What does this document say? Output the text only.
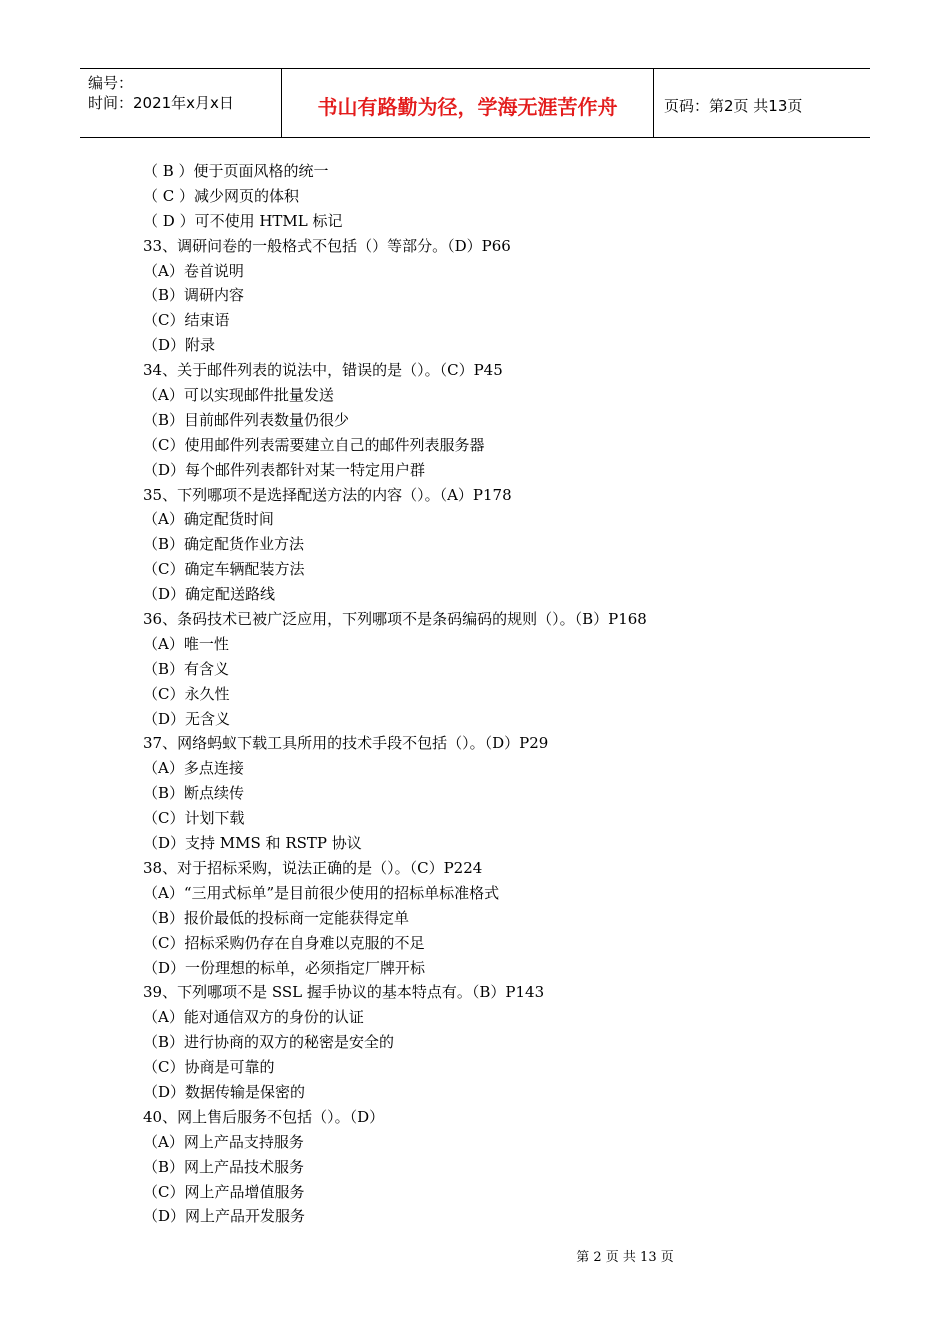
编号：
时间：2021年x月x日	书山有路勤为径，学海无涯苦作舟	页码：第2页 共13页
（ B ）便于页面风格的统一
（ C ）减少网页的体积
（ D ）可不使用 HTML 标记
33、调研问卷的一般格式不包括（）等部分。（D）P66
（A）卷首说明
（B）调研内容
（C）结束语
（D）附录
34、关于邮件列表的说法中，错误的是（）。（C）P45
（A）可以实现邮件批量发送
（B）目前邮件列表数量仍很少
（C）使用邮件列表需要建立自己的邮件列表服务器
（D）每个邮件列表都针对某一特定用户群
35、下列哪项不是选择配送方法的内容（）。（A）P178
（A）确定配货时间
（B）确定配货作业方法
（C）确定车辆配装方法
（D）确定配送路线
36、条码技术已被广泛应用，下列哪项不是条码编码的规则（）。（B）P168
（A）唯一性
（B）有含义
（C）永久性
（D）无含义
37、网络蚂蚁下载工具所用的技术手段不包括（）。（D）P29
（A）多点连接
（B）断点续传
（C）计划下载
（D）支持 MMS 和 RSTP 协议
38、对于招标采购，说法正确的是（）。（C）P224
（A）“三用式标单”是目前很少使用的招标单标准格式
（B）报价最低的投标商一定能获得定单
（C）招标采购仍存在自身难以克服的不足
（D）一份理想的标单，必须指定厂牌开标
39、下列哪项不是 SSL 握手协议的基本特点有。（B）P143
（A）能对通信双方的身份的认证
（B）进行协商的双方的秘密是安全的
（C）协商是可靠的
（D）数据传输是保密的
40、网上售后服务不包括（）。（D）
（A）网上产品支持服务
（B）网上产品技术服务
（C）网上产品增值服务
（D）网上产品开发服务
第 2 页 共 13 页
